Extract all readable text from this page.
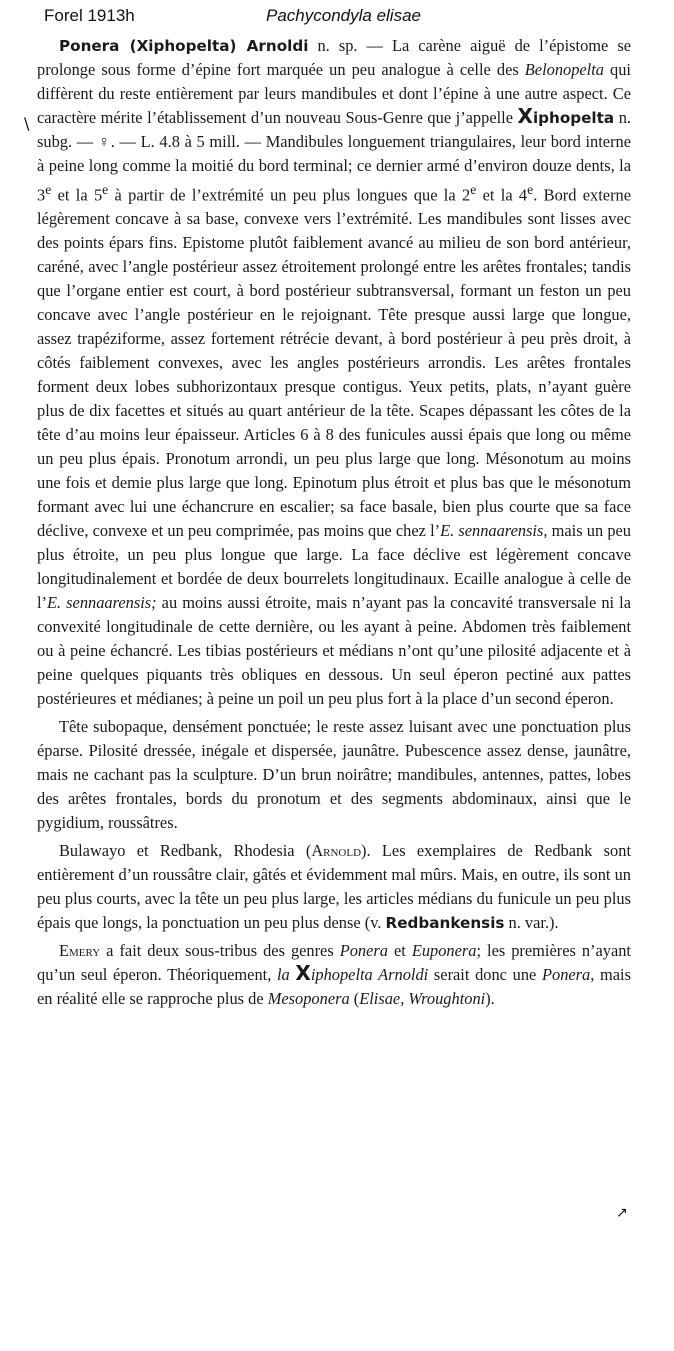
Forel 1913h	Pachycondyla elisae

Ponera (Xiphopelta) Arnoldi n. sp. — La carène aiguë de l’épistome se prolonge sous forme d’épine fort marquée un peu analogue à celle des Belonopelta qui diffèrent du reste entièrement par leurs mandibules et dont l’épine à une autre aspect. Ce caractère mérite l’établissement d’un nouveau Sous-Genre que j’appelle Xiphopelta n. subg. — ♀. — L. 4.8 à 5 mill. — Mandibules longuement triangulaires, leur bord interne à peine long comme la moitié du bord terminal; ce dernier armé d’environ douze dents, la 3e et la 5e à partir de l’extrémité un peu plus longues que la 2e et la 4e. Bord externe légèrement concave à sa base, convexe vers l’extrémité. Les mandibules sont lisses avec des points épars fins. Epistome plutôt faiblement avancé au milieu de son bord antérieur, caréné, avec l’angle postérieur assez étroitement prolongé entre les arêtes frontales; tandis que l’organe entier est court, à bord postérieur subtransversal, formant un feston un peu concave avec l’angle postérieur en le rejoignant. Tête presque aussi large que longue, assez trapéziforme, assez fortement rétrécie devant, à bord postérieur à peu près droit, à côtés faiblement convexes, avec les angles postérieurs arrondis. Les arêtes frontales forment deux lobes subhorizontaux presque contigus. Yeux petits, plats, n’ayant guère plus de dix facettes et situés au quart antérieur de la tête. Scapes dépassant les côtes de la tête d’au moins leur épaisseur. Articles 6 à 8 des funicules aussi épais que long ou même un peu plus épais. Pronotum arrondi, un peu plus large que long. Mésonotum au moins une fois et demie plus large que long. Epinotum plus étroit et plus bas que le mésonotum formant avec lui une échancrure en escalier; sa face basale, bien plus courte que sa face déclive, convexe et un peu comprimée, pas moins que chez l’E. sennaarensis, mais un peu plus étroite, un peu plus longue que large. La face déclive est légèrement concave longitudinalement et bordée de deux bourrelets longitudinaux. Ecaille analogue à celle de l’E. sennaarensis; au moins aussi étroite, mais n’ayant pas la concavité transversale ni la convexité longitudinale de cette dernière, ou les ayant à peine. Abdomen très faiblement ou à peine échancré. Les tibias postérieurs et médians n’ont qu’une pilosité adjacente et à peine quelques piquants très obliques en dessous. Un seul éperon pectiné aux pattes postérieures et médianes; à peine un poil un peu plus fort à la place d’un second éperon.

Tête subopaque, densément ponctuée; le reste assez luisant avec une ponctuation plus éparse. Pilosité dressée, inégale et dispersée, jaunâtre. Pubescence assez dense, jaunâtre, mais ne cachant pas la sculpture. D’un brun noirâtre; mandibules, antennes, pattes, lobes des arêtes frontales, bords du pronotum et des segments abdominaux, ainsi que le pygidium, roussâtres.

Bulawayo et Redbank, Rhodesia (Arnold). Les exemplaires de Redbank sont entièrement d’un roussâtre clair, gâtés et évidemment mal mûrs. Mais, en outre, ils sont un peu plus courts, avec la tête un peu plus large, les articles médians du funicule un peu plus épais que longs, la ponctuation un peu plus dense (v. Redbankensis n. var.).

Emery a fait deux sous-tribus des genres Ponera et Euponera; les premières n’ayant qu’un seul éperon. Théoriquement, la Xiphopelta Arnoldi serait donc une Ponera, mais en réalité elle se rapproche plus de Mesoponera (Elisae, Wroughtoni).

\
↗
